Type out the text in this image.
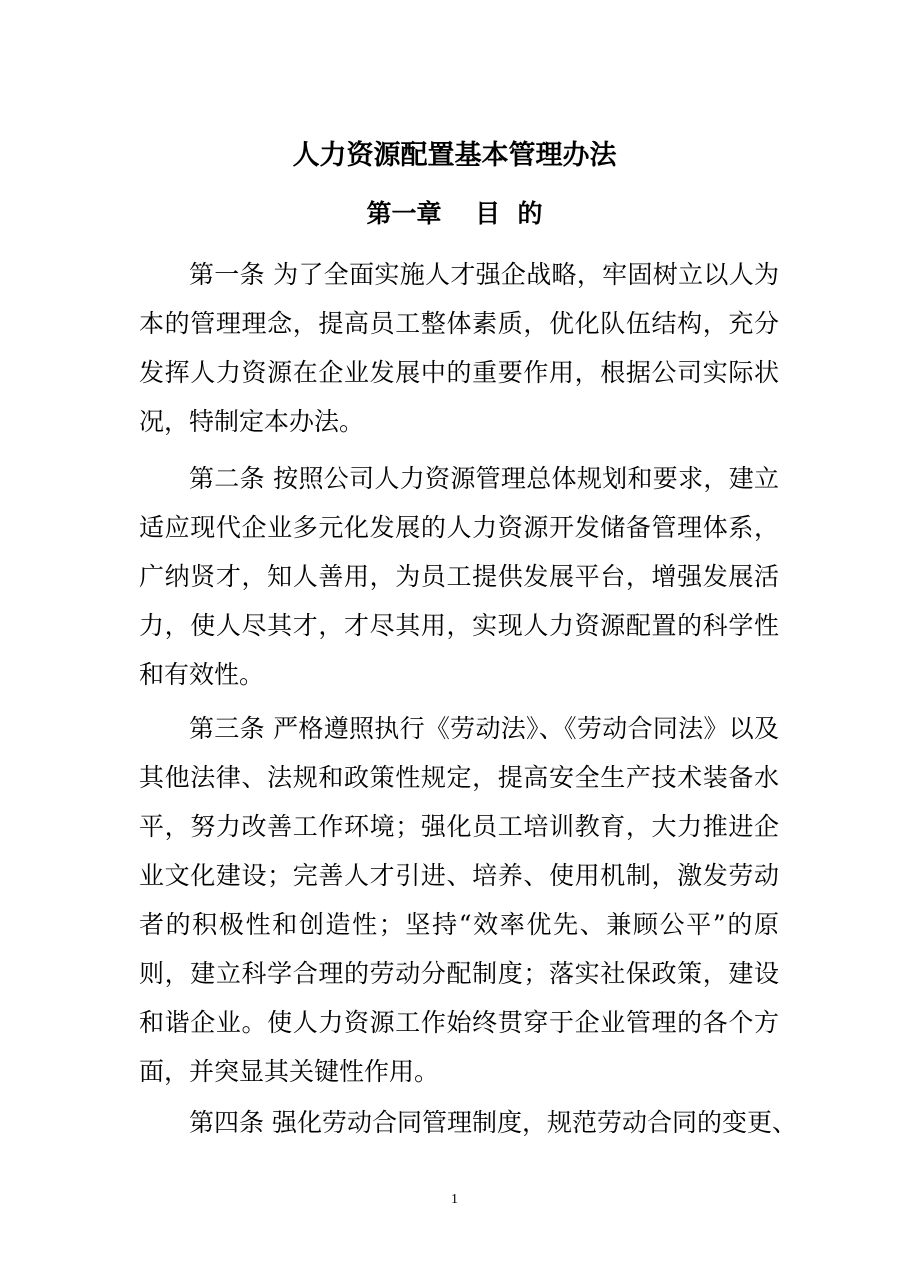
人力资源配置基本管理办法
第一章　 目  的

第一条 为了全面实施人才强企战略，牢固树立以人为本的管理理念，提高员工整体素质，优化队伍结构，充分发挥人力资源在企业发展中的重要作用，根据公司实际状况，特制定本办法。

第二条 按照公司人力资源管理总体规划和要求，建立适应现代企业多元化发展的人力资源开发储备管理体系，广纳贤才，知人善用，为员工提供发展平台，增强发展活力，使人尽其才，才尽其用，实现人力资源配置的科学性和有效性。

第三条 严格遵照执行《劳动法》、《劳动合同法》以及其他法律、法规和政策性规定，提高安全生产技术装备水平，努力改善工作环境；强化员工培训教育，大力推进企业文化建设；完善人才引进、培养、使用机制，激发劳动者的积极性和创造性；坚持“效率优先、兼顾公平”的原则，建立科学合理的劳动分配制度；落实社保政策，建设和谐企业。使人力资源工作始终贯穿于企业管理的各个方面，并突显其关键性作用。

第四条 强化劳动合同管理制度，规范劳动合同的变更、

1
